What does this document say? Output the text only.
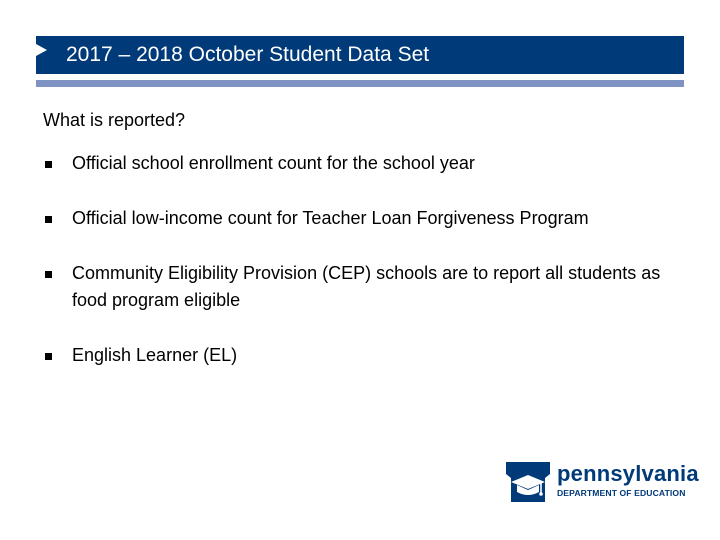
2017 – 2018 October Student Data Set
What is reported?
Official school enrollment count for the school year
Official low-income count for Teacher Loan Forgiveness Program
Community Eligibility Provision (CEP) schools are to report all students as food program eligible
English Learner (EL)
pennsylvania
DEPARTMENT OF EDUCATION
